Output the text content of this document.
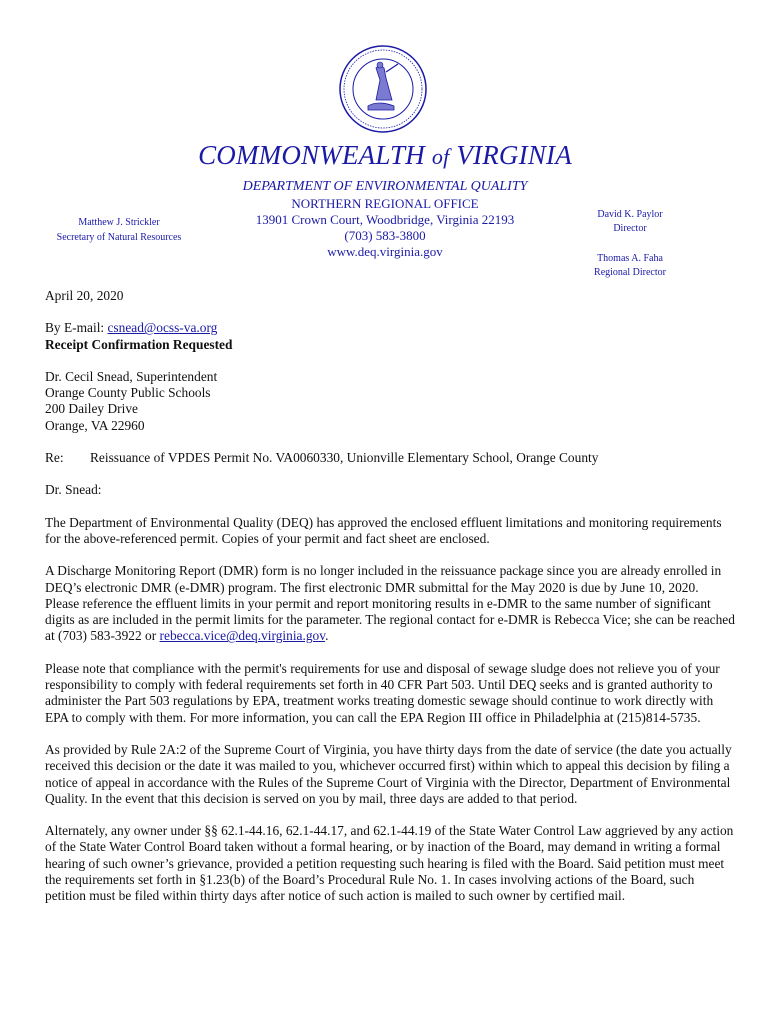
COMMONWEALTH of VIRGINIA
DEPARTMENT OF ENVIRONMENTAL QUALITY
NORTHERN REGIONAL OFFICE
13901 Crown Court, Woodbridge, Virginia 22193
(703) 583-3800
www.deq.virginia.gov
Matthew J. Strickler
Secretary of Natural Resources
David K. Paylor
Director
Thomas A. Faha
Regional Director

April 20, 2020

By E-mail: csnead@ocss-va.org

Receipt Confirmation Requested

Dr. Cecil Snead, Superintendent

Orange County Public Schools

200 Dailey Drive

Orange, VA 22960

Re:	Reissuance of VPDES Permit No. VA0060330, Unionville Elementary School, Orange County

Dr. Snead:

The Department of Environmental Quality (DEQ) has approved the enclosed effluent limitations and monitoring requirements for the above-referenced permit. Copies of your permit and fact sheet are enclosed.

A Discharge Monitoring Report (DMR) form is no longer included in the reissuance package since you are already enrolled in DEQ’s electronic DMR (e-DMR) program. The first electronic DMR submittal for the May 2020 is due by June 10, 2020. Please reference the effluent limits in your permit and report monitoring results in e-DMR to the same number of significant digits as are included in the permit limits for the parameter. The regional contact for e-DMR is Rebecca Vice; she can be reached at (703) 583-3922 or rebecca.vice@deq.virginia.gov.

Please note that compliance with the permit's requirements for use and disposal of sewage sludge does not relieve you of your responsibility to comply with federal requirements set forth in 40 CFR Part 503. Until DEQ seeks and is granted authority to administer the Part 503 regulations by EPA, treatment works treating domestic sewage should continue to work directly with EPA to comply with them. For more information, you can call the EPA Region III office in Philadelphia at (215)814-5735.

As provided by Rule 2A:2 of the Supreme Court of Virginia, you have thirty days from the date of service (the date you actually received this decision or the date it was mailed to you, whichever occurred first) within which to appeal this decision by filing a notice of appeal in accordance with the Rules of the Supreme Court of Virginia with the Director, Department of Environmental Quality. In the event that this decision is served on you by mail, three days are added to that period.

Alternately, any owner under §§ 62.1-44.16, 62.1-44.17, and 62.1-44.19 of the State Water Control Law aggrieved by any action of the State Water Control Board taken without a formal hearing, or by inaction of the Board, may demand in writing a formal hearing of such owner’s grievance, provided a petition requesting such hearing is filed with the Board. Said petition must meet the requirements set forth in §1.23(b) of the Board’s Procedural Rule No. 1. In cases involving actions of the Board, such petition must be filed within thirty days after notice of such action is mailed to such owner by certified mail.
